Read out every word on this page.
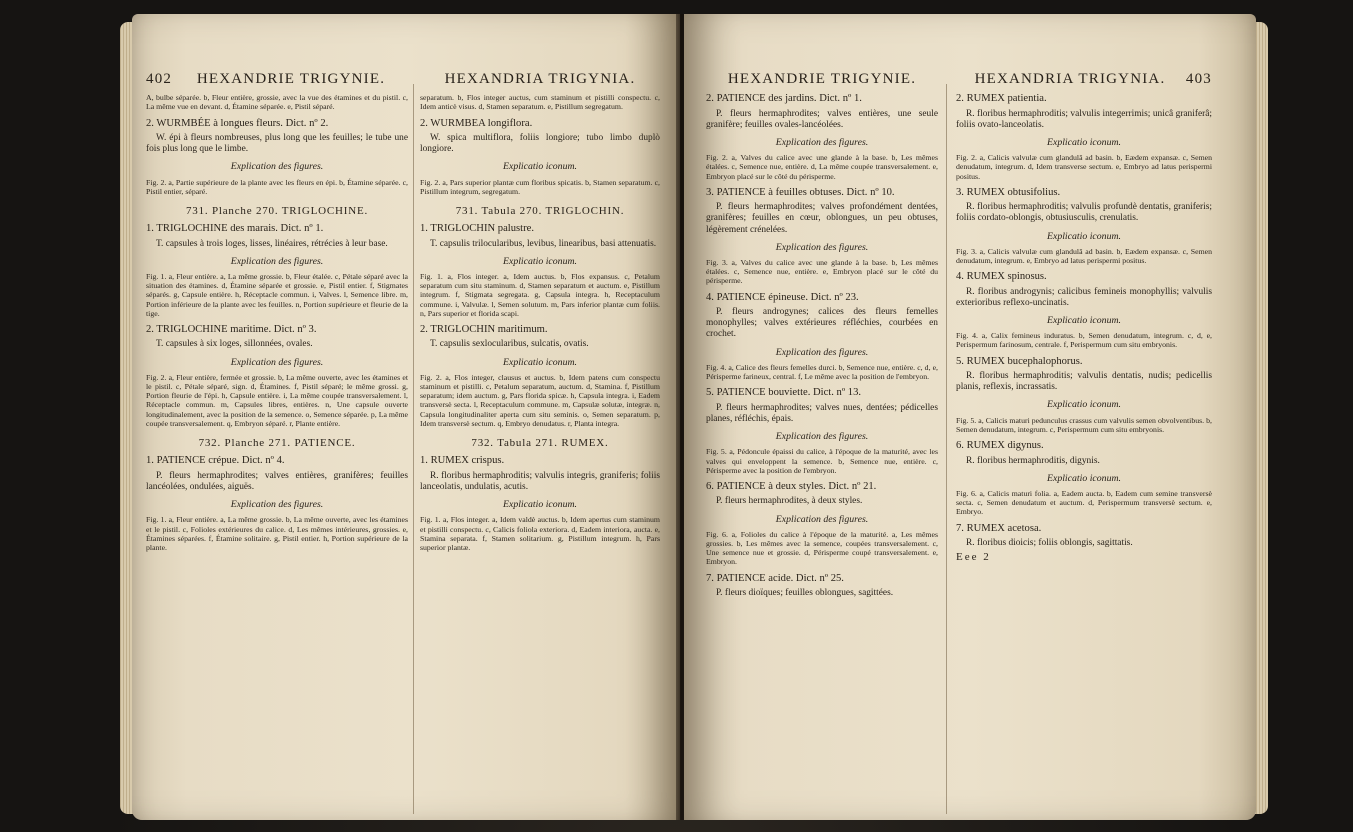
402 HEXANDRIE TRIGYNIE.

A, bulbe séparée. b, Fleur entière, grossie, avec la vue des étamines et du pistil. c, La même vue en devant. d, Étamine séparée. e, Pistil séparé.

2. WURMBÉE à longues fleurs. Dict. nº 2.

W. épi à fleurs nombreuses, plus long que les feuilles; le tube une fois plus long que le limbe.

Explication des figures.

Fig. 2. a, Partie supérieure de la plante avec les fleurs en épi. b, Étamine séparée. c, Pistil entier, séparé.

731. Planche 270. TRIGLOCHINE.

1. TRIGLOCHINE des marais. Dict. nº 1.

T. capsules à trois loges, lisses, linéaires, rétrécies à leur base.

Explication des figures.

Fig. 1. a, Fleur entière. a, La même grossie. b, Fleur étalée. c, Pétale séparé avec la situation des étamines. d, Étamine séparée et grossie. e, Pistil entier. f, Stigmates séparés. g, Capsule entière. h, Réceptacle commun. i, Valves. l, Semence libre. m, Portion inférieure de la plante avec les feuilles. n, Portion supérieure et fleurie de la tige.

2. TRIGLOCHINE maritime. Dict. nº 3.

T. capsules à six loges, sillonnées, ovales.

Explication des figures.

Fig. 2. a, Fleur entière, fermée et grossie. b, La même ouverte, avec les étamines et le pistil. c, Pétale séparé, sign. d, Étamines. f, Pistil séparé; le même grossi. g, Portion fleurie de l'épi. h, Capsule entière. i, La même coupée transversalement. l, Réceptacle commun. m, Capsules libres, entières. n, Une capsule ouverte longitudinalement, avec la position de la semence. o, Semence séparée. p, La même coupée transversalement. q, Embryon séparé. r, Plante entière.

732. Planche 271. PATIENCE.

1. PATIENCE crépue. Dict. nº 4.

P. fleurs hermaphrodites; valves entières, granifères; feuilles lancéolées, ondulées, aiguës.

Explication des figures.

Fig. 1. a, Fleur entière. a, La même grossie. b, La même ouverte, avec les étamines et le pistil. c, Folioles extérieures du calice. d, Les mêmes intérieures, grossies. e, Étamines séparées. f, Étamine solitaire. g, Pistil entier. h, Portion supérieure de la plante.

HEXANDRIA TRIGYNIA.

separatum. b, Flos integer auctus, cum staminum et pistilli conspectu. c, Idem anticè visus. d, Stamen separatum. e, Pistillum segregatum.

2. WURMBEA longiflora.

W. spica multiflora, foliis longiore; tubo limbo duplò longiore.

Explicatio iconum.

Fig. 2. a, Pars superior plantæ cum floribus spicatis. b, Stamen separatum. c, Pistillum integrum, segregatum.

731. Tabula 270. TRIGLOCHIN.

1. TRIGLOCHIN palustre.

T. capsulis trilocularibus, levibus, linearibus, basi attenuatis.

Explicatio iconum.

Fig. 1. a, Flos integer. a, Idem auctus. b, Flos expansus. c, Petalum separatum cum situ staminum. d, Stamen separatum et auctum. e, Pistillum integrum. f, Stigmata segregata. g, Capsula integra. h, Receptaculum commune. i, Valvulæ. l, Semen solutum. m, Pars inferior plantæ cum foliis. n, Pars superior et florida scapi.

2. TRIGLOCHIN maritimum.

T. capsulis sexlocularibus, sulcatis, ovatis.

Explicatio iconum.

Fig. 2. a, Flos integer, clausus et auctus. b, Idem patens cum conspectu staminum et pistilli. c, Petalum separatum, auctum. d, Stamina. f, Pistillum separatum; idem auctum. g, Pars florida spicæ. h, Capsula integra. i, Eadem transversè secta. l, Receptaculum commune. m, Capsulæ solutæ, integræ. n, Capsula longitudinaliter aperta cum situ seminis. o, Semen separatum. p, Idem transversè sectum. q, Embryo denudatus. r, Planta integra.

732. Tabula 271. RUMEX.

1. RUMEX crispus.

R. floribus hermaphroditis; valvulis integris, graniferis; foliis lanceolatis, undulatis, acutis.

Explicatio iconum.

Fig. 1. a, Flos integer. a, Idem valdè auctus. b, Idem apertus cum staminum et pistilli conspectu. c, Calicis foliola exteriora. d, Eadem interiora, aucta. e, Stamina separata. f, Stamen solitarium. g, Pistillum integrum. h, Pars superior plantæ.

HEXANDRIE TRIGYNIE.

2. PATIENCE des jardins. Dict. nº 1.

P. fleurs hermaphrodites; valves entières, une seule granifère; feuilles ovales-lancéolées.

Explication des figures.

Fig. 2. a, Valves du calice avec une glande à la base. b, Les mêmes étalées. c, Semence nue, entière. d, La même coupée transversalement. e, Embryon placé sur le côté du périsperme.

3. PATIENCE à feuilles obtuses. Dict. nº 10.

P. fleurs hermaphrodites; valves profondément dentées, granifères; feuilles en cœur, oblongues, un peu obtuses, légèrement crénelées.

Explication des figures.

Fig. 3. a, Valves du calice avec une glande à la base. b, Les mêmes étalées. c, Semence nue, entière. e, Embryon placé sur le côté du périsperme.

4. PATIENCE épineuse. Dict. nº 23.

P. fleurs androgynes; calices des fleurs femelles monophylles; valves extérieures réfléchies, courbées en crochet.

Explication des figures.

Fig. 4. a, Calice des fleurs femelles durci. b, Semence nue, entière. c, d, e, Périsperme farineux, central. f, Le même avec la position de l'embryon.

5. PATIENCE bouviette. Dict. nº 13.

P. fleurs hermaphrodites; valves nues, dentées; pédicelles planes, réfléchis, épais.

Explication des figures.

Fig. 5. a, Pédoncule épaissi du calice, à l'époque de la maturité, avec les valves qui enveloppent la semence. b, Semence nue, entière. c, Périsperme avec la position de l'embryon.

6. PATIENCE à deux styles. Dict. nº 21.

P. fleurs hermaphrodites, à deux styles.

Explication des figures.

Fig. 6. a, Folioles du calice à l'époque de la maturité. a, Les mêmes grossies. b, Les mêmes avec la semence, coupées transversalement. c, Une semence nue et grossie. d, Périsperme coupé transversalement. e, Embryon.

7. PATIENCE acide. Dict. nº 25.

P. fleurs dioïques; feuilles oblongues, sagittées.

HEXANDRIA TRIGYNIA. 403

2. RUMEX patientia.

R. floribus hermaphroditis; valvulis integerrimis; unicâ graniferâ; foliis ovato-lanceolatis.

Explicatio iconum.

Fig. 2. a, Calicis valvulæ cum glandulâ ad basin. b, Eædem expansæ. c, Semen denudatum, integrum. d, Idem transverse sectum. e, Embryo ad latus perispermi positus.

3. RUMEX obtusifolius.

R. floribus hermaphroditis; valvulis profundè dentatis, graniferis; foliis cordato-oblongis, obtusiusculis, crenulatis.

Explicatio iconum.

Fig. 3. a, Calicis valvulæ cum glandulâ ad basin. b, Eædem expansæ. c, Semen denudatum, integrum. e, Embryo ad latus perispermi positus.

4. RUMEX spinosus.

R. floribus androgynis; calicibus femineis monophyllis; valvulis exterioribus reflexo-uncinatis.

Explicatio iconum.

Fig. 4. a, Calix femineus induratus. b, Semen denudatum, integrum. c, d, e, Perispermum farinosum, centrale. f, Perispermum cum situ embryonis.

5. RUMEX bucephalophorus.

R. floribus hermaphroditis; valvulis dentatis, nudis; pedicellis planis, reflexis, incrassatis.

Explicatio iconum.

Fig. 5. a, Calicis maturi pedunculus crassus cum valvulis semen obvolventibus. b, Semen denudatum, integrum. c, Perispermum cum situ embryonis.

6. RUMEX digynus.

R. floribus hermaphroditis, digynis.

Explicatio iconum.

Fig. 6. a, Calicis maturi folia. a, Eadem aucta. b, Eadem cum semine transversè secta. c, Semen denudatum et auctum. d, Perispermum transversè sectum. e, Embryo.

7. RUMEX acetosa.

R. floribus dioicis; foliis oblongis, sagittatis.

Eee 2
